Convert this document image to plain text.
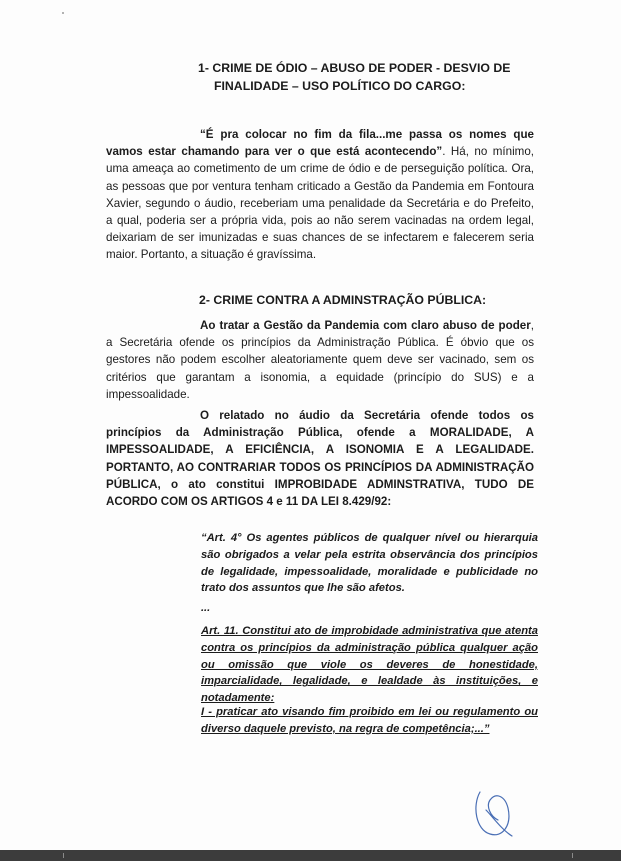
1- CRIME DE ÓDIO – ABUSO DE PODER - DESVIO DE
FINALIDADE – USO POLÍTICO DO CARGO:
“É pra colocar no fim da fila...me passa os nomes que vamos estar chamando para ver o que está acontecendo”. Há, no mínimo, uma ameaça ao cometimento de um crime de ódio e de perseguição política. Ora, as pessoas que por ventura tenham criticado a Gestão da Pandemia em Fontoura Xavier, segundo o áudio, receberiam uma penalidade da Secretária e do Prefeito, a qual, poderia ser a própria vida, pois ao não serem vacinadas na ordem legal, deixariam de ser imunizadas e suas chances de se infectarem e falecerem seria maior. Portanto, a situação é gravíssima.
2- CRIME CONTRA A ADMINSTRAÇÃO PÚBLICA:
Ao tratar a Gestão da Pandemia com claro abuso de poder, a Secretária ofende os princípios da Administração Pública. É óbvio que os gestores não podem escolher aleatoriamente quem deve ser vacinado, sem os critérios que garantam a isonomia, a equidade (princípio do SUS) e a impessoalidade.
O relatado no áudio da Secretária ofende todos os princípios da Administração Pública, ofende a MORALIDADE, A IMPESSOALIDADE, A EFICIÊNCIA, A ISONOMIA E A LEGALIDADE. PORTANTO, AO CONTRARIAR TODOS OS PRINCÍPIOS DA ADMINISTRAÇÃO PÚBLICA, o ato constitui IMPROBIDADE ADMINSTRATIVA, TUDO DE ACORDO COM OS ARTIGOS 4 e 11 DA LEI 8.429/92:
“Art. 4° Os agentes públicos de qualquer nível ou hierarquia são obrigados a velar pela estrita observância dos princípios de legalidade, impessoalidade, moralidade e publicidade no trato dos assuntos que lhe são afetos.
...
Art. 11. Constitui ato de improbidade administrativa que atenta contra os princípios da administração pública qualquer ação ou omissão que viole os deveres de honestidade, imparcialidade, legalidade, e lealdade às instituições, e notadamente:
I - praticar ato visando fim proibido em lei ou regulamento ou diverso daquele previsto, na regra de competência;...”
